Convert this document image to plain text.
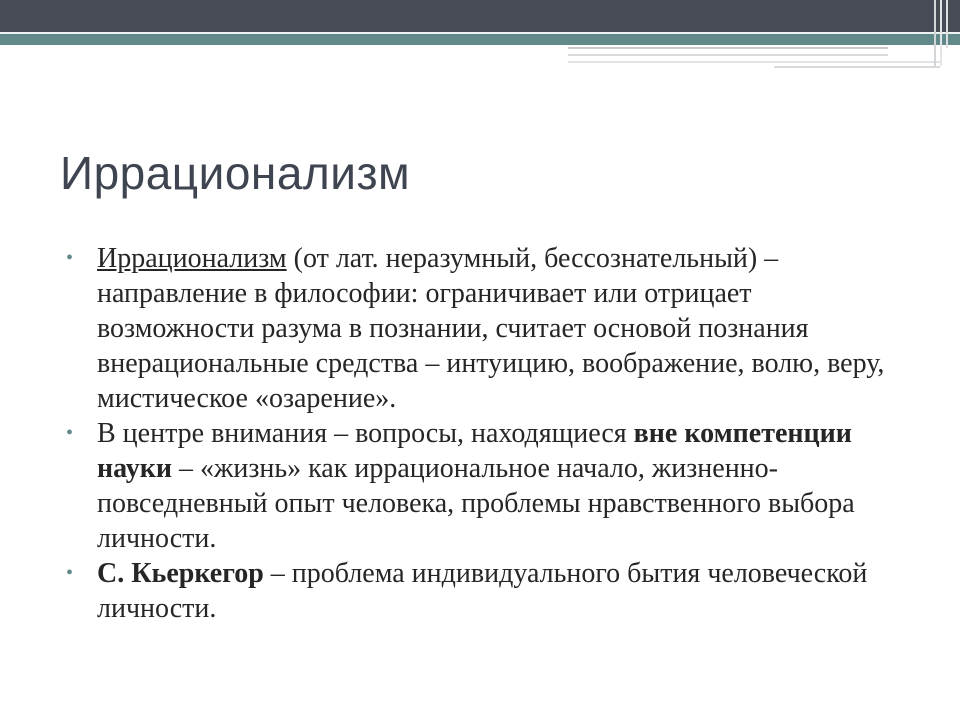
Иррационализм
• Иррационализм (от лат. неразумный, бессознательный) – направление в философии: ограничивает или отрицает возможности разума в познании, считает основой познания внерациональные средства – интуицию, воображение, волю, веру, мистическое «озарение».
• В центре внимания – вопросы, находящиеся вне компетенции науки – «жизнь» как иррациональное начало, жизненно-повседневный опыт человека, проблемы нравственного выбора личности.
• С. Кьеркегор – проблема индивидуального бытия человеческой личности.
